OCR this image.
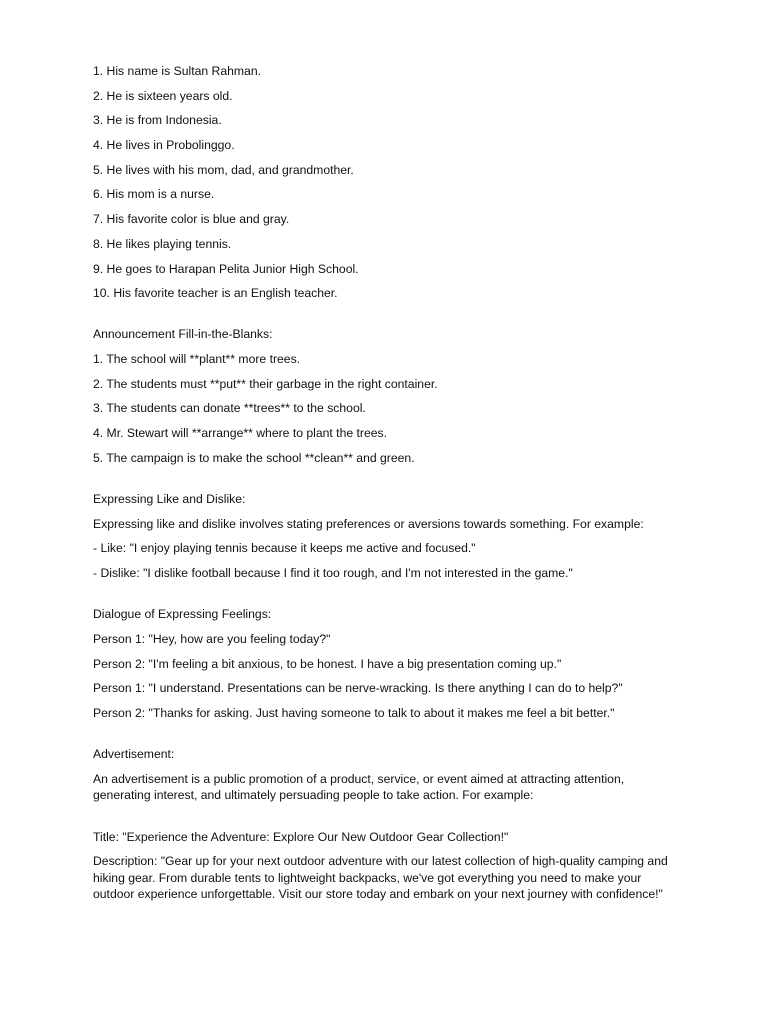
1. His name is Sultan Rahman.

2. He is sixteen years old.

3. He is from Indonesia.

4. He lives in Probolinggo.

5. He lives with his mom, dad, and grandmother.

6. His mom is a nurse.

7. His favorite color is blue and gray.

8. He likes playing tennis.

9. He goes to Harapan Pelita Junior High School.

10. His favorite teacher is an English teacher.

Announcement Fill-in-the-Blanks:

1. The school will **plant** more trees.

2. The students must **put** their garbage in the right container.

3. The students can donate **trees** to the school.

4. Mr. Stewart will **arrange** where to plant the trees.

5. The campaign is to make the school **clean** and green.

Expressing Like and Dislike:

Expressing like and dislike involves stating preferences or aversions towards something. For example:

- Like: "I enjoy playing tennis because it keeps me active and focused."

- Dislike: "I dislike football because I find it too rough, and I'm not interested in the game."

Dialogue of Expressing Feelings:

Person 1: "Hey, how are you feeling today?"

Person 2: "I'm feeling a bit anxious, to be honest. I have a big presentation coming up."

Person 1: "I understand. Presentations can be nerve-wracking. Is there anything I can do to help?"

Person 2: "Thanks for asking. Just having someone to talk to about it makes me feel a bit better."

Advertisement:

An advertisement is a public promotion of a product, service, or event aimed at attracting attention, generating interest, and ultimately persuading people to take action. For example:

Title: "Experience the Adventure: Explore Our New Outdoor Gear Collection!"

Description: "Gear up for your next outdoor adventure with our latest collection of high-quality camping and hiking gear. From durable tents to lightweight backpacks, we've got everything you need to make your outdoor experience unforgettable. Visit our store today and embark on your next journey with confidence!"
